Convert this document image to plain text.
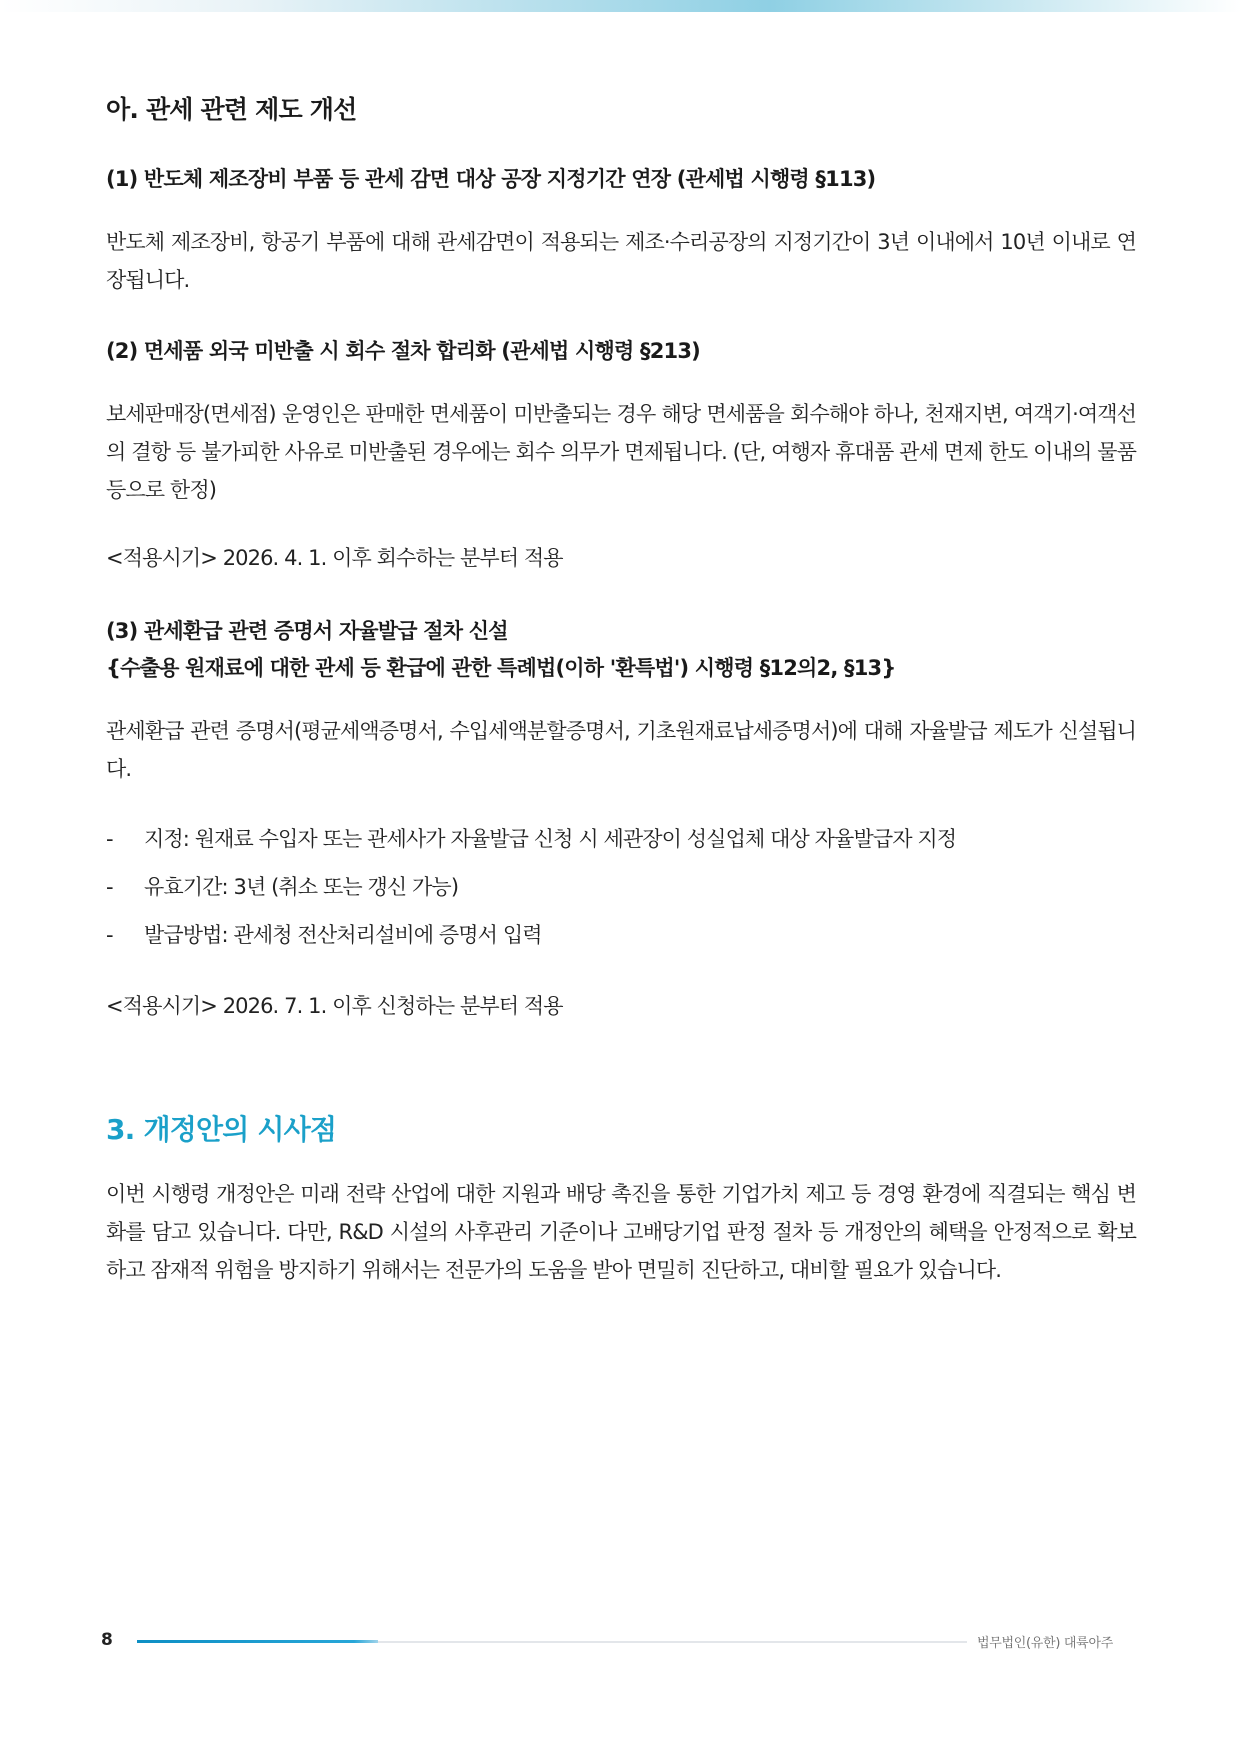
아. 관세 관련 제도 개선
(1) 반도체 제조장비 부품 등 관세 감면 대상 공장 지정기간 연장 (관세법 시행령 §113)

반도체 제조장비, 항공기 부품에 대해 관세감면이 적용되는 제조·수리공장의 지정기간이 3년 이내에서 10년 이내로 연장됩니다.

(2) 면세품 외국 미반출 시 회수 절차 합리화 (관세법 시행령 §213)

보세판매장(면세점) 운영인은 판매한 면세품이 미반출되는 경우 해당 면세품을 회수해야 하나, 천재지변, 여객기·여객선의 결항 등 불가피한 사유로 미반출된 경우에는 회수 의무가 면제됩니다. (단, 여행자 휴대품 관세 면제 한도 이내의 물품 등으로 한정)

<적용시기> 2026. 4. 1. 이후 회수하는 분부터 적용

(3) 관세환급 관련 증명서 자율발급 절차 신설
{수출용 원재료에 대한 관세 등 환급에 관한 특례법(이하 '환특법') 시행령 §12의2, §13}

관세환급 관련 증명서(평균세액증명서, 수입세액분할증명서, 기초원재료납세증명서)에 대해 자율발급 제도가 신설됩니다.

- 지정: 원재료 수입자 또는 관세사가 자율발급 신청 시 세관장이 성실업체 대상 자율발급자 지정
- 유효기간: 3년 (취소 또는 갱신 가능)
- 발급방법: 관세청 전산처리설비에 증명서 입력

<적용시기> 2026. 7. 1. 이후 신청하는 분부터 적용

3. 개정안의 시사점

이번 시행령 개정안은 미래 전략 산업에 대한 지원과 배당 촉진을 통한 기업가치 제고 등 경영 환경에 직결되는 핵심 변화를 담고 있습니다. 다만, R&D 시설의 사후관리 기준이나 고배당기업 판정 절차 등 개정안의 혜택을 안정적으로 확보하고 잠재적 위험을 방지하기 위해서는 전문가의 도움을 받아 면밀히 진단하고, 대비할 필요가 있습니다.

8	법무법인(유한) 대륙아주
